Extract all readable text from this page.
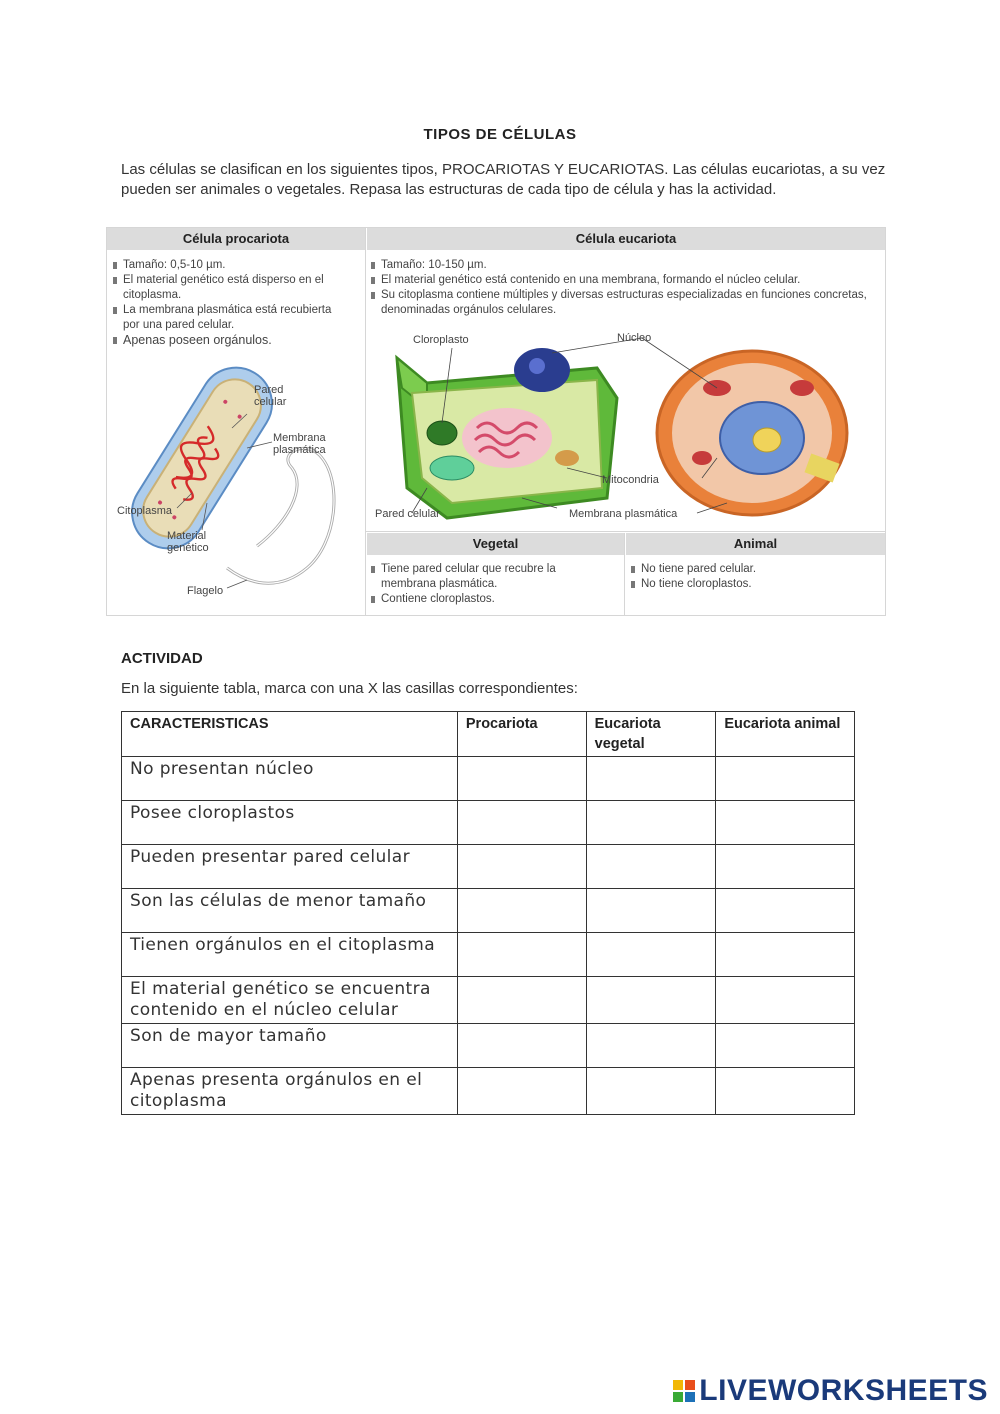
TIPOS DE CÉLULAS
Las células se clasifican en los siguientes tipos, PROCARIOTAS Y EUCARIOTAS. Las células eucariotas, a su vez pueden ser animales o vegetales. Repasa las estructuras de cada tipo de célula y has la actividad.
Célula procariota	Célula eucariota
Tamaño: 0,5-10 µm.
El material genético está disperso en el citoplasma.
La membrana plasmática está recubierta por una pared celular.
Apenas poseen orgánulos.
Pared celular
Membrana plasmática
Citoplasma
Material genético
Flagelo
Tamaño: 10-150 µm.
El material genético está contenido en una membrana, formando el núcleo celular.
Su citoplasma contiene múltiples y diversas estructuras especializadas en funciones concretas, denominadas orgánulos celulares.
Cloroplasto	Núcleo
Mitocondria
Pared celular	Membrana plasmática
Vegetal	Animal
Tiene pared celular que recubre la membrana plasmática.
Contiene cloroplastos.
No tiene pared celular.
No tiene cloroplastos.
ACTIVIDAD
En la siguiente tabla, marca con una X las casillas correspondientes:
CARACTERISTICAS	Procariota	Eucariota vegetal	Eucariota animal
No presentan núcleo			
Posee cloroplastos			
Pueden presentar pared celular			
Son las células de menor tamaño			
Tienen orgánulos en el citoplasma			
El material genético se encuentra contenido en el núcleo celular			
Son de mayor tamaño			
Apenas presenta orgánulos en el citoplasma			
LIVEWORKSHEETS
